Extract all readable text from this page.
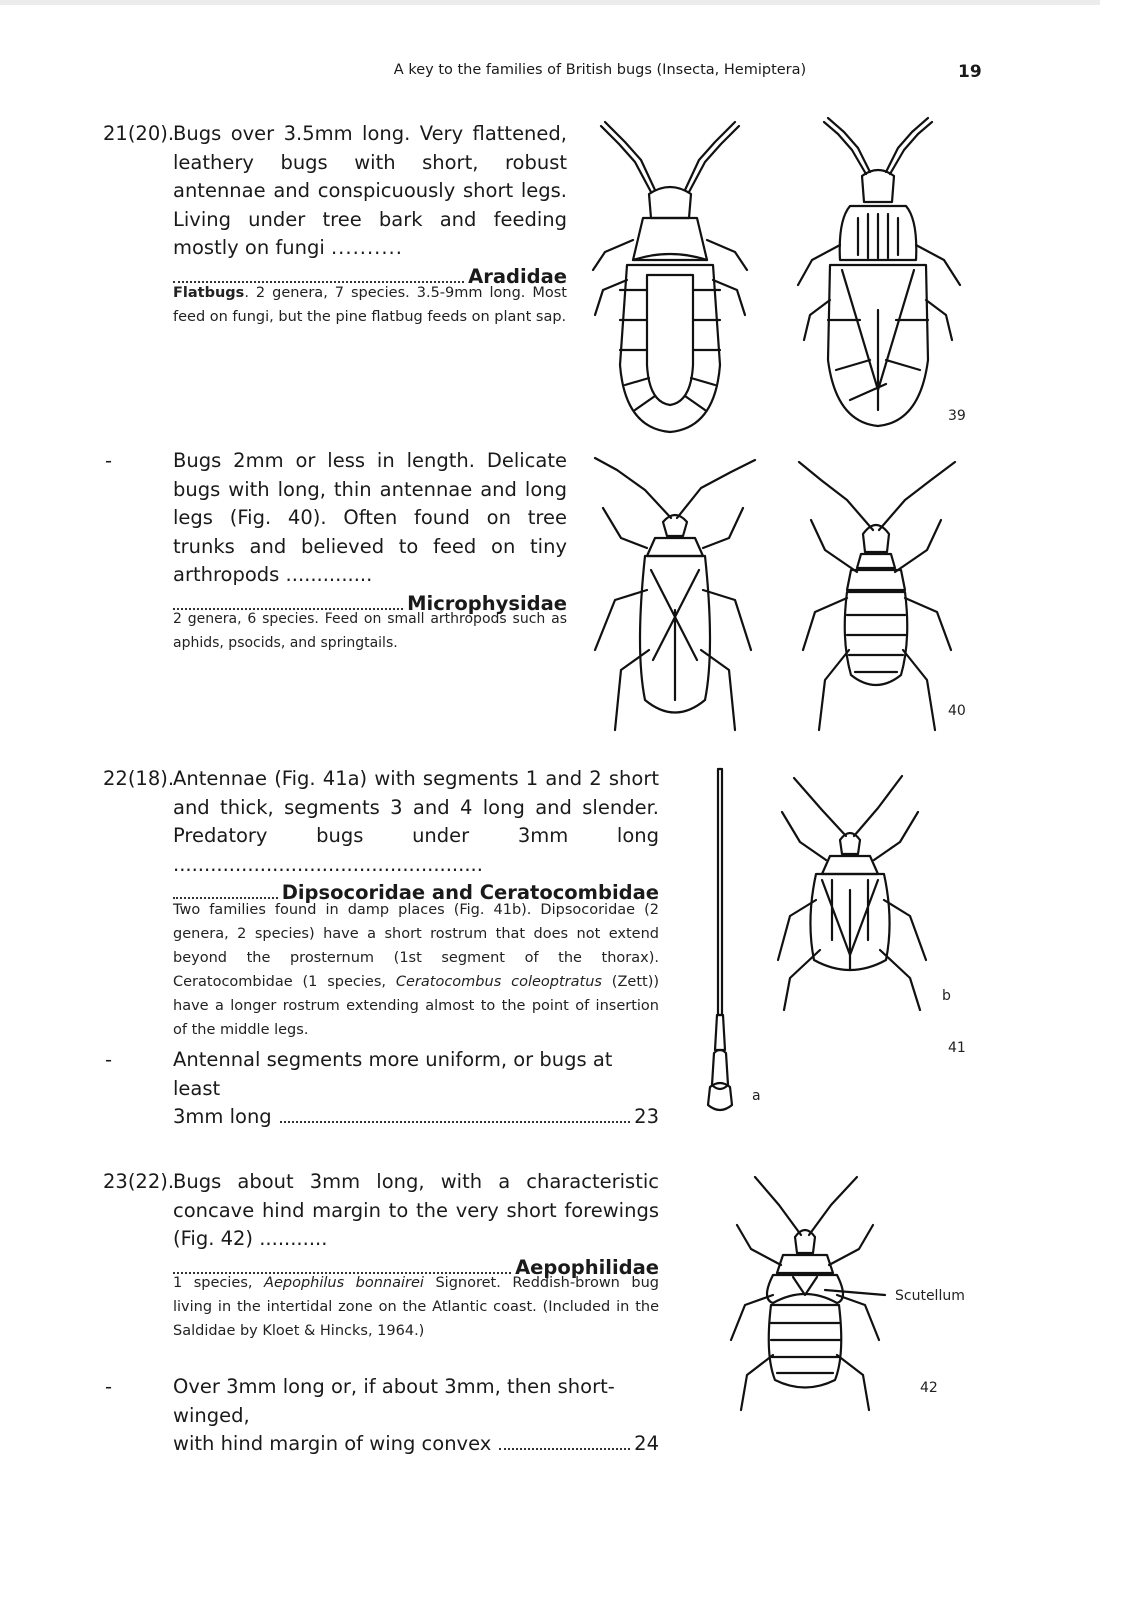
A key to the families of British bugs (Insecta, Hemiptera)	19
21(20).
Bugs over 3.5mm long. Very flattened, leathery bugs with short, robust antennae and conspicuously short legs. Living under tree bark and feeding mostly on fungi ..........
Aradidae
Flatbugs. 2 genera, 7 species. 3.5-9mm long. Most feed on fungi, but the pine flatbug feeds on plant sap.
-	Bugs 2mm or less in length. Delicate bugs with long, thin antennae and long legs (Fig. 40). Often found on tree trunks and believed to feed on tiny arthropods ..............
Microphysidae
2 genera, 6 species. Feed on small arthropods such as aphids, psocids, and springtails.
22(18).
Antennae (Fig. 41a) with segments 1 and 2 short and thick, segments 3 and 4 long and slender. Predatory bugs under 3mm long ..................................................
Dipsocoridae and Ceratocombidae
Two families found in damp places (Fig. 41b). Dipsocoridae (2 genera, 2 species) have a short rostrum that does not extend beyond the prosternum (1st segment of the thorax). Ceratocombidae (1 species, Ceratocombus coleoptratus (Zett)) have a longer rostrum extending almost to the point of insertion of the middle legs.
-	Antennal segments more uniform, or bugs at least
3mm long	23
23(22).
Bugs about 3mm long, with a characteristic concave hind margin to the very short forewings (Fig. 42) ...........
Aepophilidae
1 species, Aepophilus bonnairei Signoret. Reddish-brown bug living in the intertidal zone on the Atlantic coast. (Included in the Saldidae by Kloet & Hincks, 1964.)
-	Over 3mm long or, if about 3mm, then short-winged,
with hind margin of wing convex	24
39
40
a
b
41
Scutellum
42
